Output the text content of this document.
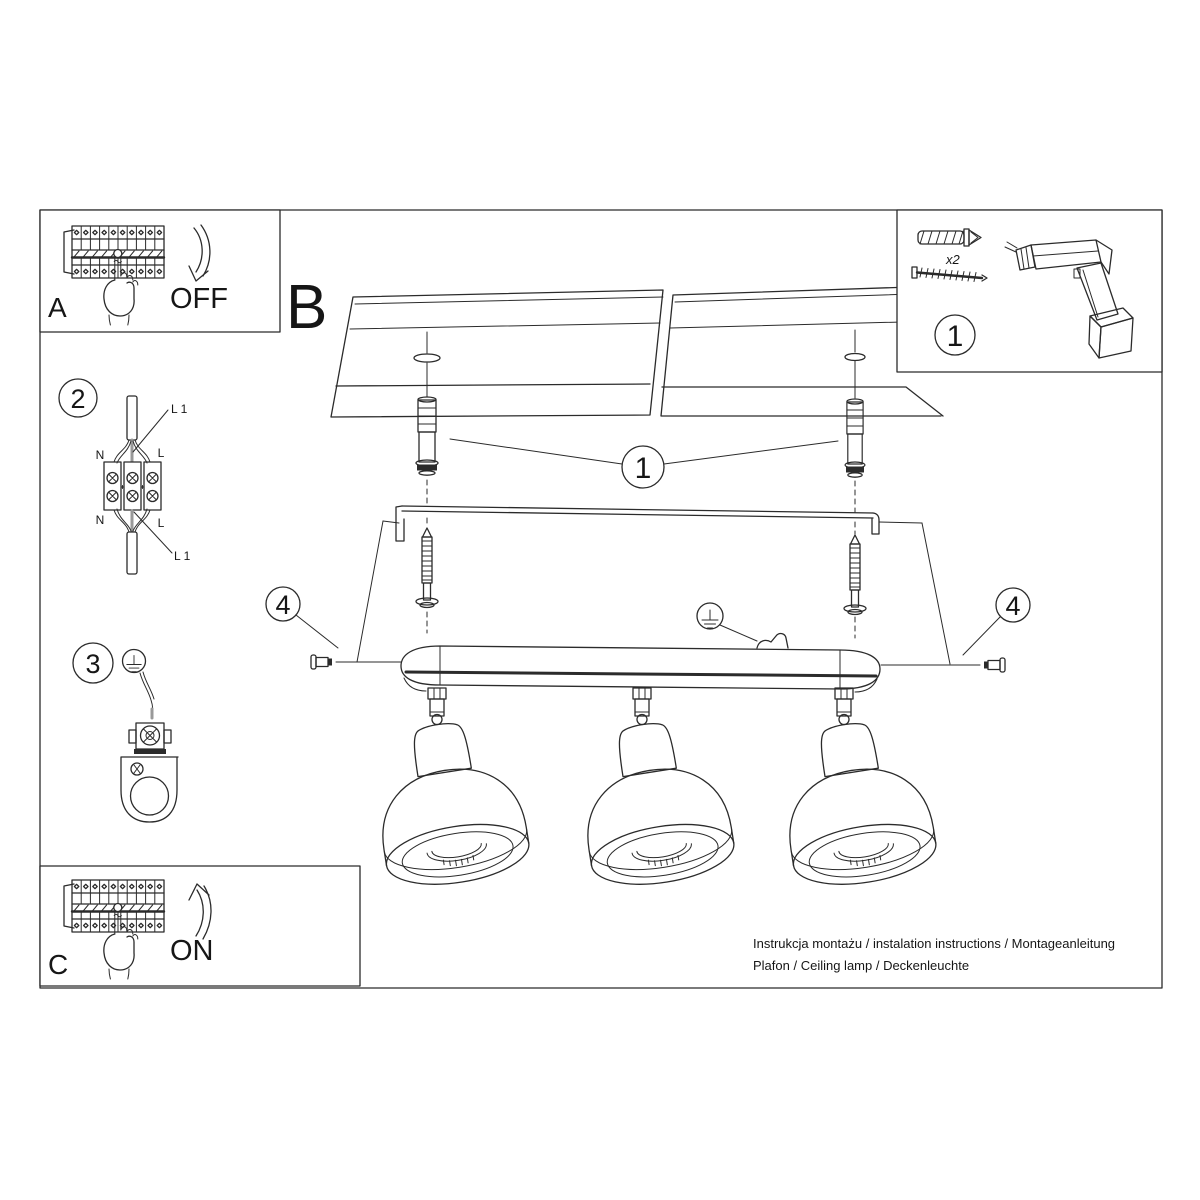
B
1
4	4
A	OFF
C	ON
x2
1
2	L 1
L 1
N	L
N	L
3
Instrukcja montażu / instalation instructions / Montageanleitung
Plafon / Ceiling lamp / Deckenleuchte
